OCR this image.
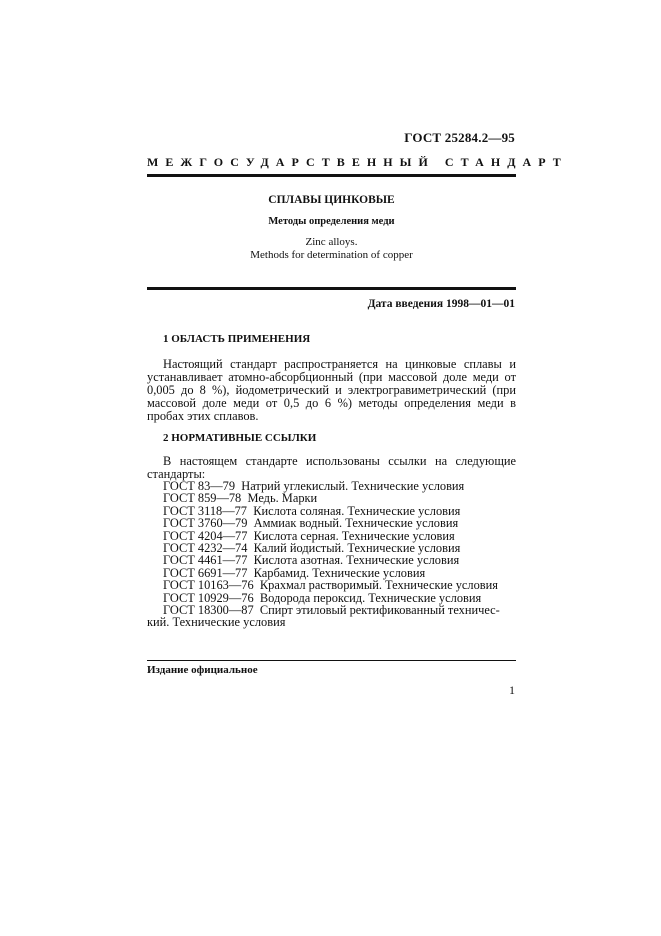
ГОСТ 25284.2—95
МЕЖГОСУДАРСТВЕННЫЙ СТАНДАРТ
СПЛАВЫ ЦИНКОВЫЕ
Методы определения меди
Zinc alloys.
Methods for determination of copper
Дата введения 1998—01—01
1 ОБЛАСТЬ ПРИМЕНЕНИЯ
Настоящий стандарт распространяется на цинковые сплавы и устанавливает атомно-абсорбционный (при массовой доле меди от 0,005 до 8 %), йодометрический и электрогравиметрический (при массовой доле меди от 0,5 до 6 %) методы определения меди в пробах этих сплавов.
2 НОРМАТИВНЫЕ ССЫЛКИ
В настоящем стандарте использованы ссылки на следующие стандарты:
ГОСТ 83—79 Натрий углекислый. Технические условия
ГОСТ 859—78 Медь. Марки
ГОСТ 3118—77 Кислота соляная. Технические условия
ГОСТ 3760—79 Аммиак водный. Технические условия
ГОСТ 4204—77 Кислота серная. Технические условия
ГОСТ 4232—74 Калий йодистый. Технические условия
ГОСТ 4461—77 Кислота азотная. Технические условия
ГОСТ 6691—77 Карбамид. Технические условия
ГОСТ 10163—76 Крахмал растворимый. Технические условия
ГОСТ 10929—76 Водорода пероксид. Технические условия
ГОСТ 18300—87 Спирт этиловый ректификованный техничес-
кий. Технические условия
Издание официальное
1
